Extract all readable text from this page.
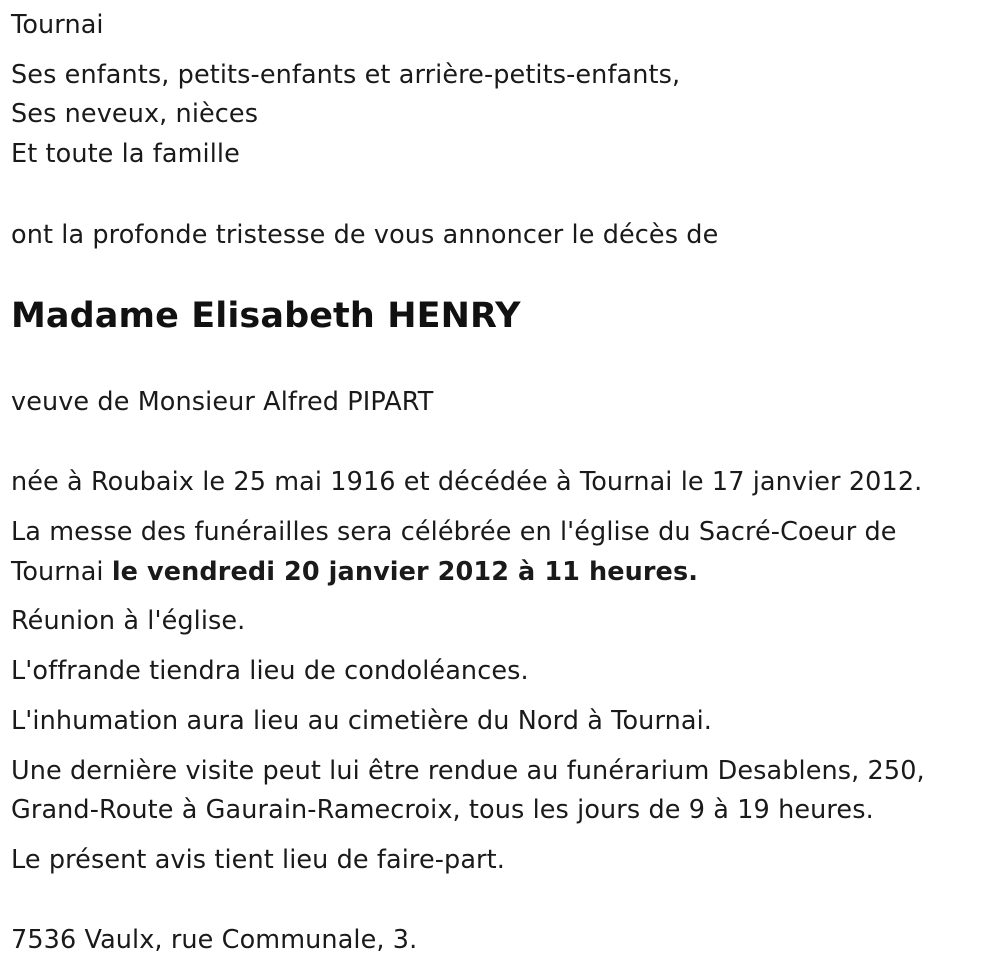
Tournai
Ses enfants, petits-enfants et arrière-petits-enfants,
Ses neveux, nièces
Et toute la famille
ont la profonde tristesse de vous annoncer le décès de
Madame Elisabeth HENRY
veuve de Monsieur Alfred PIPART
née à Roubaix le 25 mai 1916 et décédée à Tournai le 17 janvier 2012.
La messe des funérailles sera célébrée en l'église du Sacré-Coeur de
Tournai le vendredi 20 janvier 2012 à 11 heures.
Réunion à l'église.
L'offrande tiendra lieu de condoléances.
L'inhumation aura lieu au cimetière du Nord à Tournai.
Une dernière visite peut lui être rendue au funérarium Desablens, 250,
Grand-Route à Gaurain-Ramecroix, tous les jours de 9 à 19 heures.
Le présent avis tient lieu de faire-part.
7536 Vaulx, rue Communale, 3.
